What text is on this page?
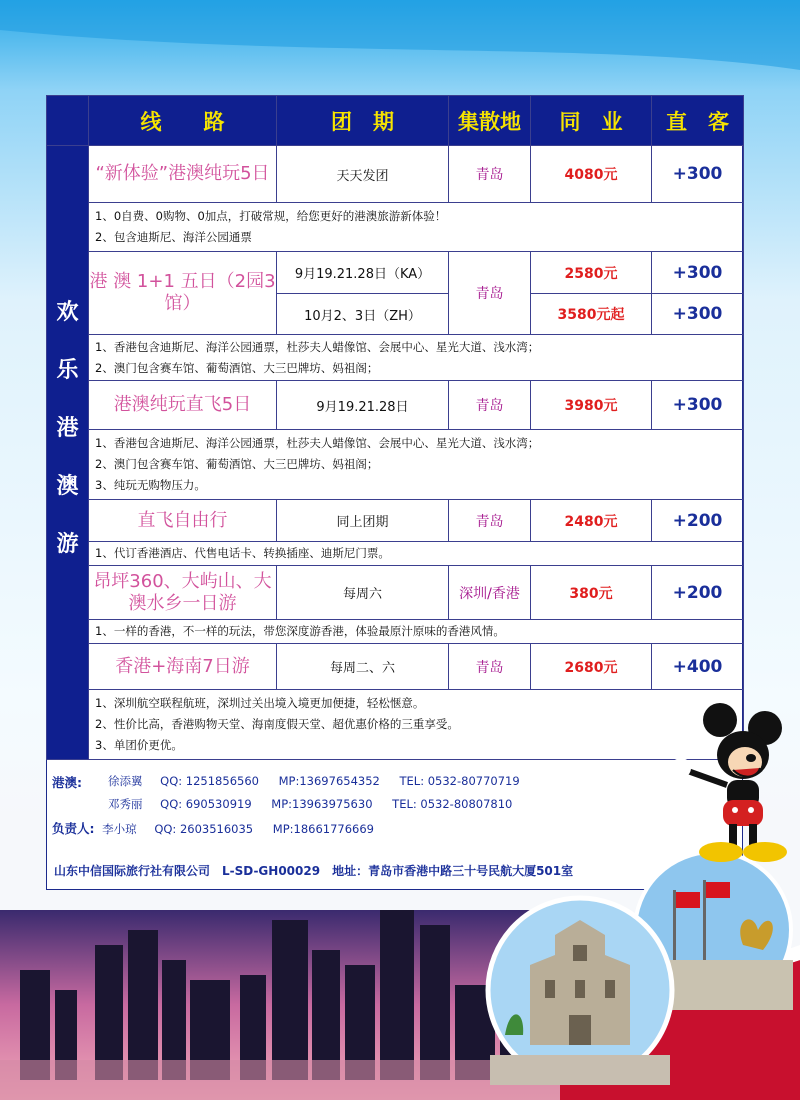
	线　　路	团　期	集散地	同　业	直　客

欢
乐
港
澳
游	“新体验”港澳纯玩5日	天天发团	青岛	4080元	+300

	1、0自费、0购物、0加点，打破常规，给您更好的港澳旅游新体验！
2、包含迪斯尼、海洋公园通票				

	港 澳 1+1 五日（2园3馆）	9月19.21.28日（KA）	青岛	2580元	+300
		10月2、3日（ZH）		3580元起	+300

	1、香港包含迪斯尼、海洋公园通票，杜莎夫人蜡像馆、会展中心、星光大道、浅水湾；
2、澳门包含赛车馆、葡萄酒馆、大三巴牌坊、妈祖阁；				

	港澳纯玩直飞5日	9月19.21.28日	青岛	3980元	+300

	1、香港包含迪斯尼、海洋公园通票，杜莎夫人蜡像馆、会展中心、星光大道、浅水湾；
2、澳门包含赛车馆、葡萄酒馆、大三巴牌坊、妈祖阁；
3、纯玩无购物压力。				

	直飞自由行	同上团期	青岛	2480元	+200

	1、代订香港酒店、代售电话卡、转换插座、迪斯尼门票。				

	昂坪360、大屿山、大澳水乡一日游	每周六	深圳/香港	380元	+200

	1、一样的香港，不一样的玩法，带您深度游香港，体验最原汁原味的香港风情。				

	香港+海南7日游	每周二、六	青岛	2680元	+400

	1、深圳航空联程航班，深圳过关出境入境更加便捷，轻松惬意。
2、性价比高，香港购物天堂、海南度假天堂、超优惠价格的三重享受。
3、单团价更优。				
港澳: 徐添翼 QQ: 1251856560 MP:13697654352 TEL: 0532-80770719
邓秀丽 QQ: 690530919 MP:13963975630 TEL: 0532-80807810
负责人: 李小琼 QQ: 2603516035 MP:18661776669
山东中信国际旅行社有限公司　L-SD-GH00029　地址：青岛市香港中路三十号民航大厦501室
